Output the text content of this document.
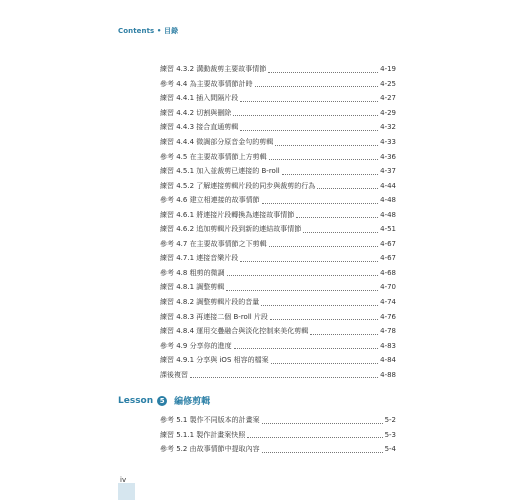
Contents • 目錄
練習 4.3.2 溝動裁剪主要故事情節	4-19
參考 4.4 為主要故事情節計時	4-25
練習 4.4.1 插入間隔片段	4-27
練習 4.4.2 切割與刪除	4-29
練習 4.4.3 接合直通剪輯	4-32
練習 4.4.4 微調部分原音金句的剪輯	4-33
參考 4.5 在主要故事情節上方剪輯	4-36
練習 4.5.1 加入並裁剪已連接的 B-roll	4-37
練習 4.5.2 了解連接剪輯片段的同步與裁剪的行為	4-44
參考 4.6 建立相連接的故事情節	4-48
練習 4.6.1 將連接片段轉換為連接故事情節	4-48
練習 4.6.2 追加剪輯片段到新的連結故事情節	4-51
參考 4.7 在主要故事情節之下剪輯	4-67
練習 4.7.1 連接音樂片段	4-67
參考 4.8 粗剪的微調	4-68
練習 4.8.1 調整剪輯	4-70
練習 4.8.2 調整剪輯片段的音量	4-74
練習 4.8.3 再連接二個 B-roll 片段	4-76
練習 4.8.4 運用交疊融合與淡化控制來美化剪輯	4-78
參考 4.9 分享你的進度	4-83
練習 4.9.1 分享與 iOS 相容的檔案	4-84
課後複習	4-88
Lesson 5 編修剪輯
參考 5.1 製作不同版本的計畫案	5-2
練習 5.1.1 製作計畫案快照	5-3
參考 5.2 由故事情節中提取內容	5-4
iv
